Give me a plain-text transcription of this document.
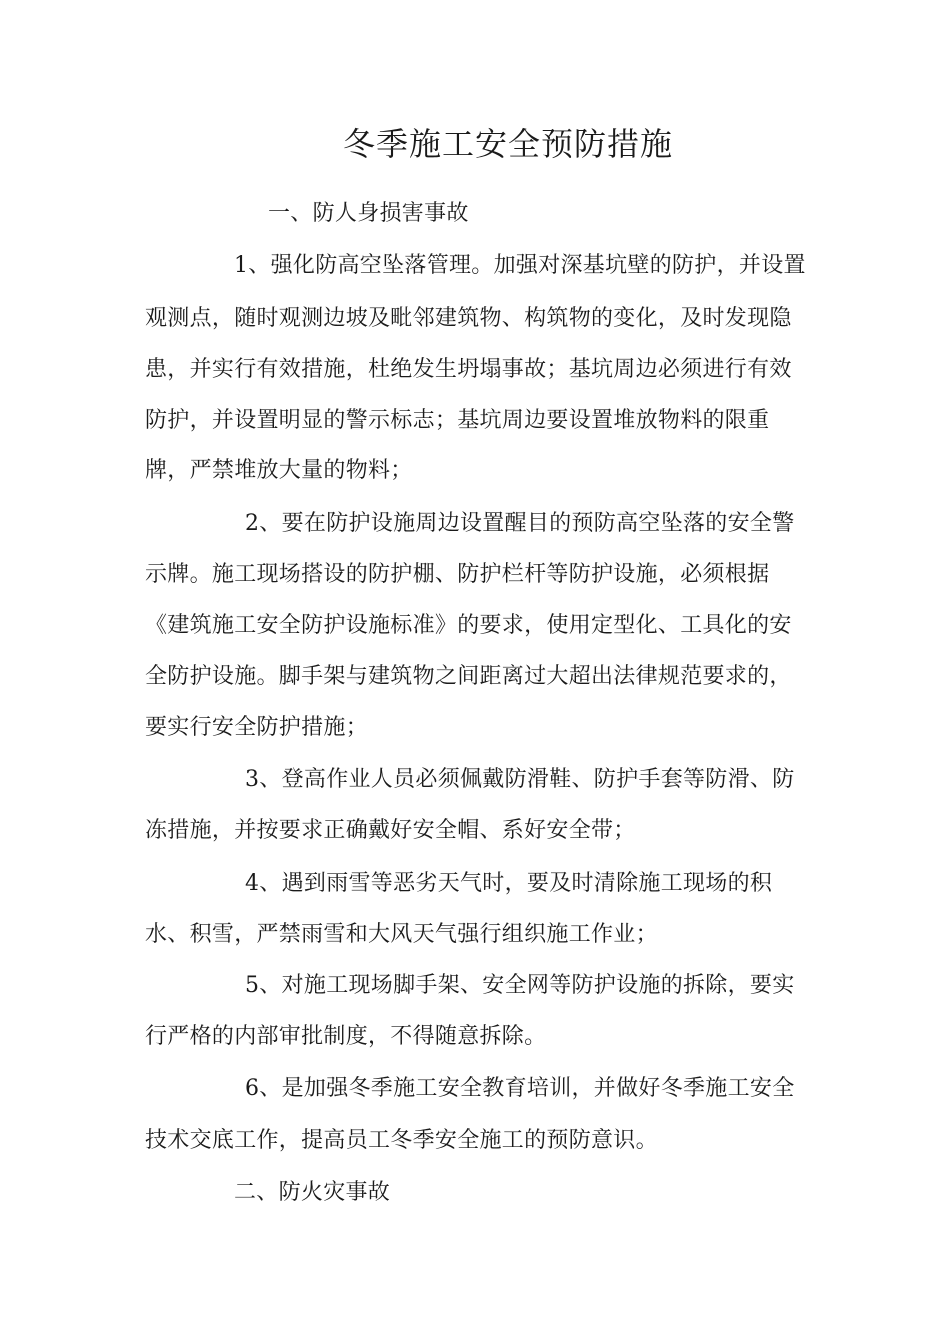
冬季施工安全预防措施
一、防人身损害事故
1、强化防高空坠落管理。加强对深基坑壁的防护，并设置
观测点，随时观测边坡及毗邻建筑物、构筑物的变化，及时发现隐
患，并实行有效措施，杜绝发生坍塌事故；基坑周边必须进行有效
防护，并设置明显的警示标志；基坑周边要设置堆放物料的限重
牌，严禁堆放大量的物料；
2、要在防护设施周边设置醒目的预防高空坠落的安全警
示牌。施工现场搭设的防护棚、防护栏杆等防护设施，必须根据
《建筑施工安全防护设施标准》的要求，使用定型化、工具化的安
全防护设施。脚手架与建筑物之间距离过大超出法律规范要求的，
要实行安全防护措施；
3、登高作业人员必须佩戴防滑鞋、防护手套等防滑、防
冻措施，并按要求正确戴好安全帽、系好安全带；
4、遇到雨雪等恶劣天气时，要及时清除施工现场的积
水、积雪，严禁雨雪和大风天气强行组织施工作业；
5、对施工现场脚手架、安全网等防护设施的拆除，要实
行严格的内部审批制度，不得随意拆除。
6、是加强冬季施工安全教育培训，并做好冬季施工安全
技术交底工作，提高员工冬季安全施工的预防意识。
二、防火灾事故
